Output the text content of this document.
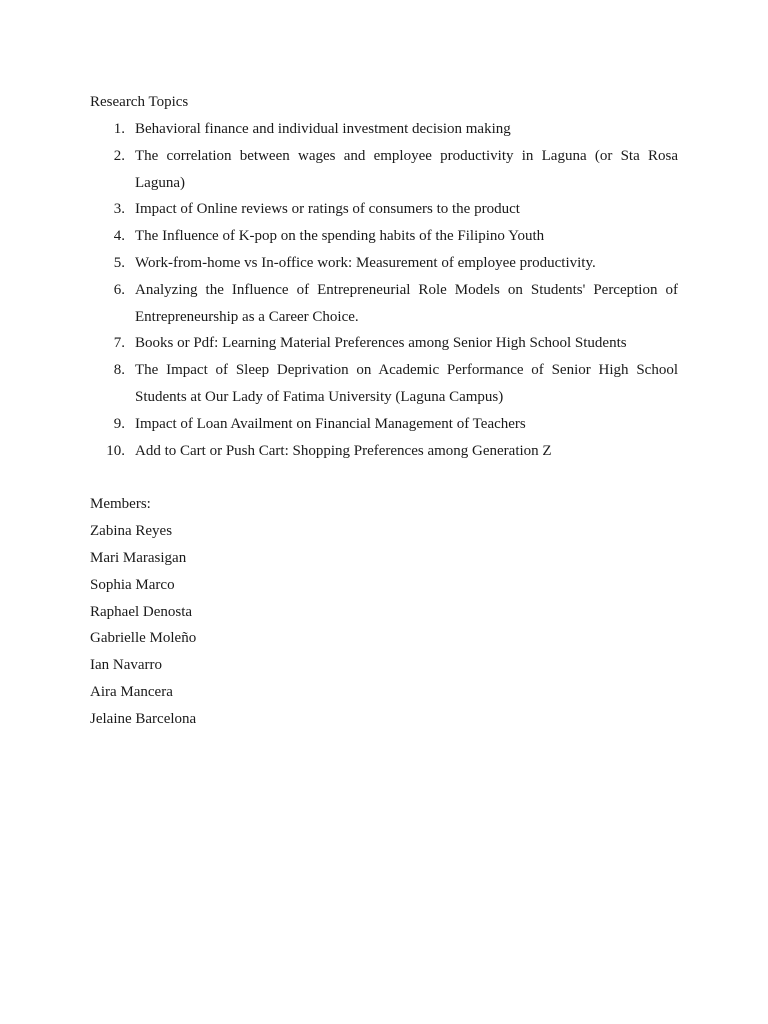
Research Topics
1. Behavioral finance and individual investment decision making
2. The correlation between wages and employee productivity in Laguna (or Sta Rosa Laguna)
3. Impact of Online reviews or ratings of consumers to the product
4. The Influence of K-pop on the spending habits of the Filipino Youth
5. Work-from-home vs In-office work: Measurement of employee productivity.
6. Analyzing the Influence of Entrepreneurial Role Models on Students' Perception of Entrepreneurship as a Career Choice.
7. Books or Pdf: Learning Material Preferences among Senior High School Students
8. The Impact of Sleep Deprivation on Academic Performance of Senior High School Students at Our Lady of Fatima University (Laguna Campus)
9. Impact of Loan Availment on Financial Management of Teachers
10. Add to Cart or Push Cart: Shopping Preferences among Generation Z
Members:
Zabina Reyes
Mari Marasigan
Sophia Marco
Raphael Denosta
Gabrielle Moleño
Ian Navarro
Aira Mancera
Jelaine Barcelona
